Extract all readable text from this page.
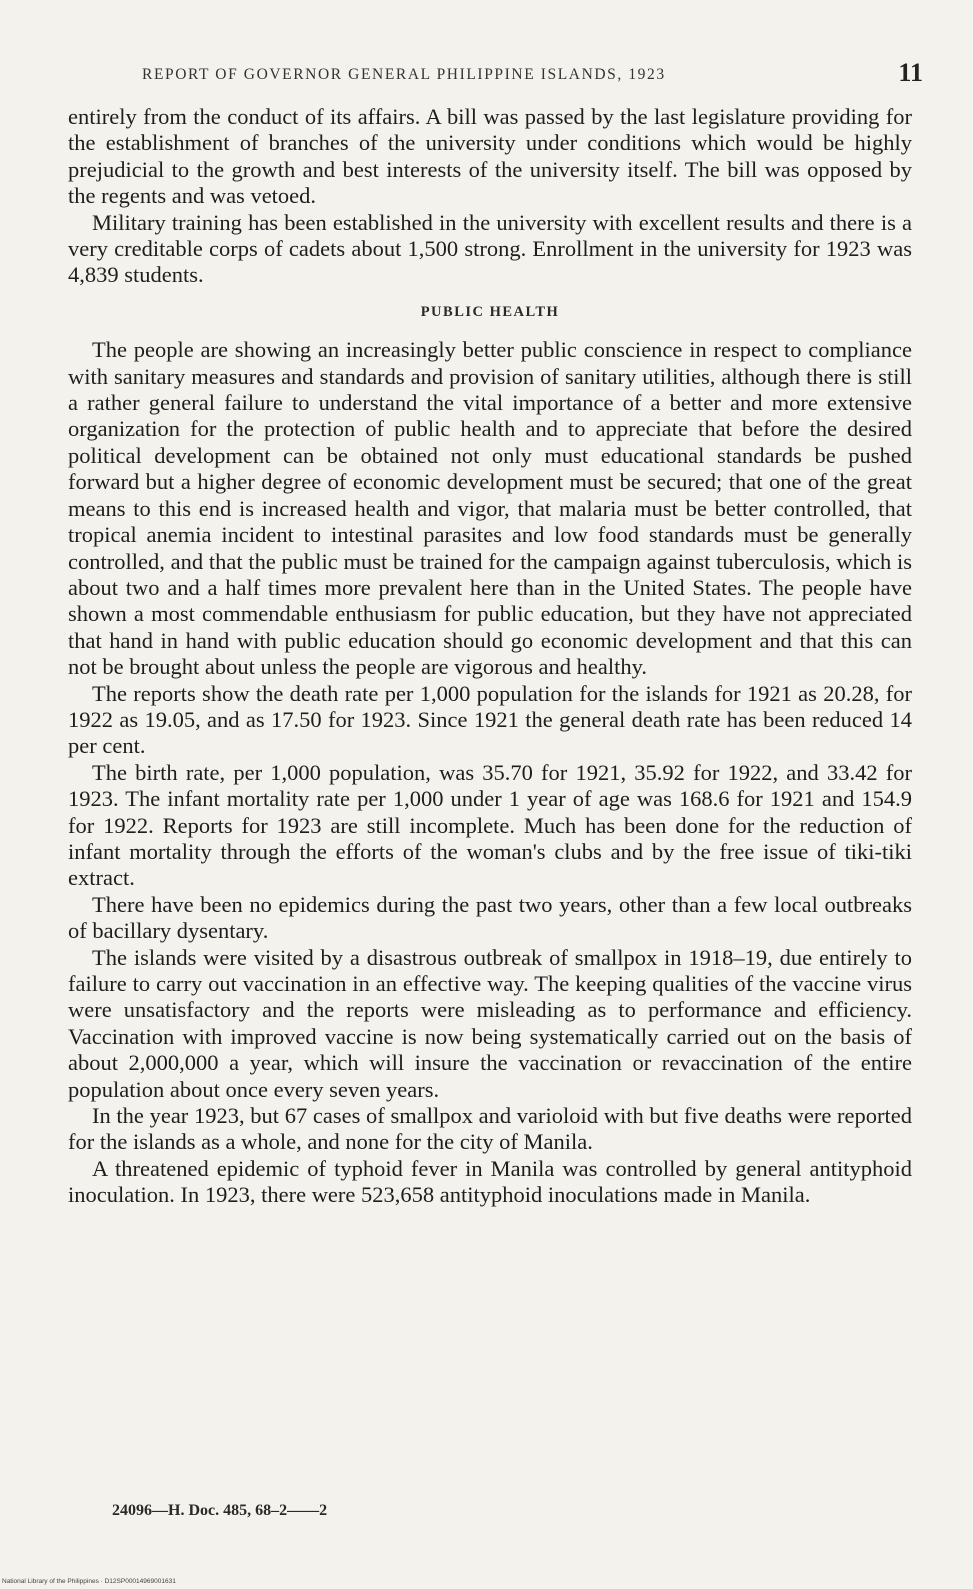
REPORT OF GOVERNOR GENERAL PHILIPPINE ISLANDS, 1923	11

entirely from the conduct of its affairs. A bill was passed by the last legislature providing for the establishment of branches of the university under conditions which would be highly prejudicial to the growth and best interests of the university itself. The bill was opposed by the regents and was vetoed.

Military training has been established in the university with excellent results and there is a very creditable corps of cadets about 1,500 strong. Enrollment in the university for 1923 was 4,839 students.

PUBLIC HEALTH

The people are showing an increasingly better public conscience in respect to compliance with sanitary measures and standards and provision of sanitary utilities, although there is still a rather general failure to understand the vital importance of a better and more extensive organization for the protection of public health and to appreciate that before the desired political development can be obtained not only must educational standards be pushed forward but a higher degree of economic development must be secured; that one of the great means to this end is increased health and vigor, that malaria must be better controlled, that tropical anemia incident to intestinal parasites and low food standards must be generally controlled, and that the public must be trained for the campaign against tuberculosis, which is about two and a half times more prevalent here than in the United States. The people have shown a most commendable enthusiasm for public education, but they have not appreciated that hand in hand with public education should go economic development and that this can not be brought about unless the people are vigorous and healthy.

The reports show the death rate per 1,000 population for the islands for 1921 as 20.28, for 1922 as 19.05, and as 17.50 for 1923. Since 1921 the general death rate has been reduced 14 per cent.

The birth rate, per 1,000 population, was 35.70 for 1921, 35.92 for 1922, and 33.42 for 1923. The infant mortality rate per 1,000 under 1 year of age was 168.6 for 1921 and 154.9 for 1922. Reports for 1923 are still incomplete. Much has been done for the reduction of infant mortality through the efforts of the woman's clubs and by the free issue of tiki-tiki extract.

There have been no epidemics during the past two years, other than a few local outbreaks of bacillary dysentary.

The islands were visited by a disastrous outbreak of smallpox in 1918–19, due entirely to failure to carry out vaccination in an effective way. The keeping qualities of the vaccine virus were unsatisfactory and the reports were misleading as to performance and efficiency. Vaccination with improved vaccine is now being systematically carried out on the basis of about 2,000,000 a year, which will insure the vaccination or revaccination of the entire population about once every seven years.

In the year 1923, but 67 cases of smallpox and varioloid with but five deaths were reported for the islands as a whole, and none for the city of Manila.

A threatened epidemic of typhoid fever in Manila was controlled by general antityphoid inoculation. In 1923, there were 523,658 antityphoid inoculations made in Manila.

24096—H. Doc. 485, 68–2——2
National Library of the Philippines · D12SP00014969001631
